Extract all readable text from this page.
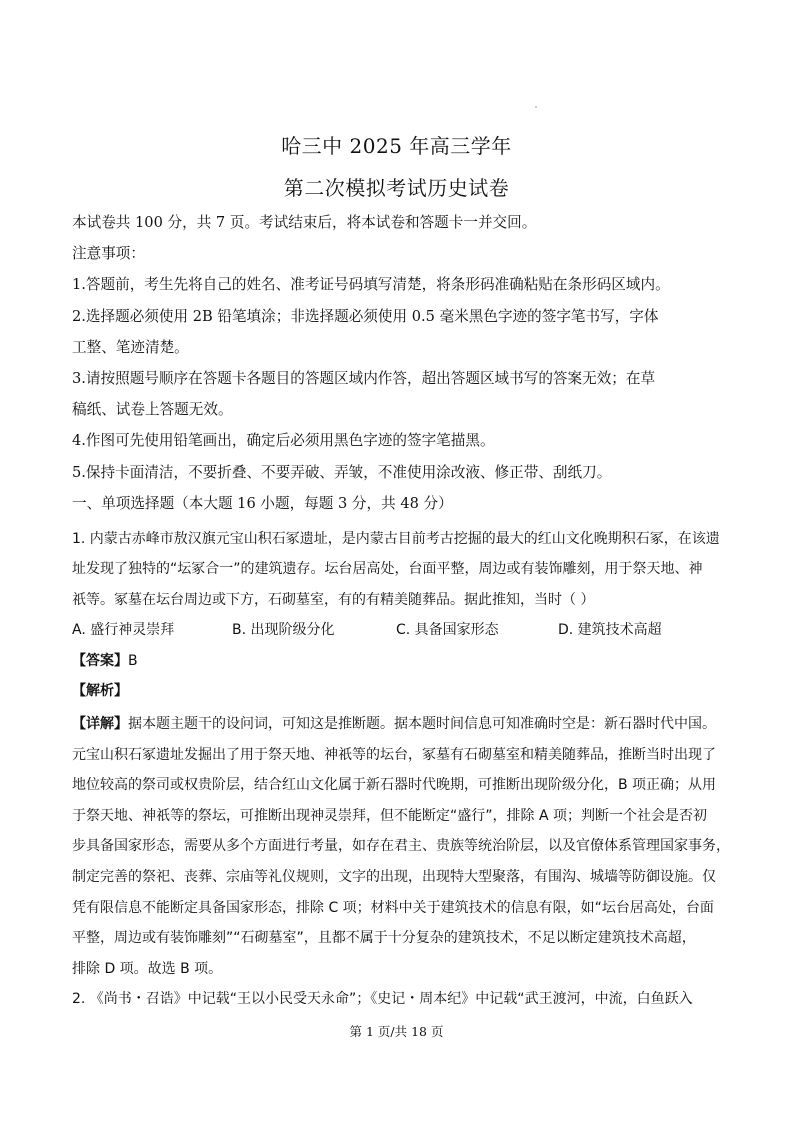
哈三中 2025 年高三学年
第二次模拟考试历史试卷

本试卷共 100 分，共 7 页。考试结束后，将本试卷和答题卡一并交回。

注意事项：

1.答题前，考生先将自己的姓名、准考证号码填写清楚，将条形码准确粘贴在条形码区域内。

2.选择题必须使用 2B 铅笔填涂；非选择题必须使用 0.5 毫米黑色字迹的签字笔书写，字体

工整、笔迹清楚。

3.请按照题号顺序在答题卡各题目的答题区域内作答，超出答题区域书写的答案无效；在草

稿纸、试卷上答题无效。

4.作图可先使用铅笔画出，确定后必须用黑色字迹的签字笔描黑。

5.保持卡面清洁，不要折叠、不要弄破、弄皱，不准使用涂改液、修正带、刮纸刀。

一、单项选择题（本大题 16 小题，每题 3 分，共 48 分）

1. 内蒙古赤峰市敖汉旗元宝山积石冢遗址，是内蒙古目前考古挖掘的最大的红山文化晚期积石冢，在该遗

址发现了独特的“坛冢合一”的建筑遗存。坛台居高处，台面平整，周边或有装饰雕刻，用于祭天地、神

祇等。冢墓在坛台周边或下方，石砌墓室，有的有精美随葬品。据此推知，当时（ ）

A. 盛行神灵崇拜	B. 出现阶级分化	C. 具备国家形态	D. 建筑技术高超

【答案】B

【解析】

【详解】据本题主题干的设问词，可知这是推断题。据本题时间信息可知准确时空是：新石器时代中国。

元宝山积石冢遗址发掘出了用于祭天地、神祇等的坛台，冢墓有石砌墓室和精美随葬品，推断当时出现了

地位较高的祭司或权贵阶层，结合红山文化属于新石器时代晚期，可推断出现阶级分化，B 项正确；从用

于祭天地、神祇等的祭坛，可推断出现神灵崇拜，但不能断定“盛行”，排除 A 项；判断一个社会是否初

步具备国家形态，需要从多个方面进行考量，如存在君主、贵族等统治阶层，以及官僚体系管理国家事务，

制定完善的祭祀、丧葬、宗庙等礼仪规则，文字的出现，出现特大型聚落，有围沟、城墙等防御设施。仅

凭有限信息不能断定具备国家形态，排除 C 项；材料中关于建筑技术的信息有限，如“坛台居高处，台面

平整，周边或有装饰雕刻”“石砌墓室”，且都不属于十分复杂的建筑技术，不足以断定建筑技术高超，

排除 D 项。故选 B 项。

2. 《尚书・召诰》中记载“王以小民受天永命”；《史记・周本纪》中记载“武王渡河，中流，白鱼跃入

第 1 页/共 18 页
